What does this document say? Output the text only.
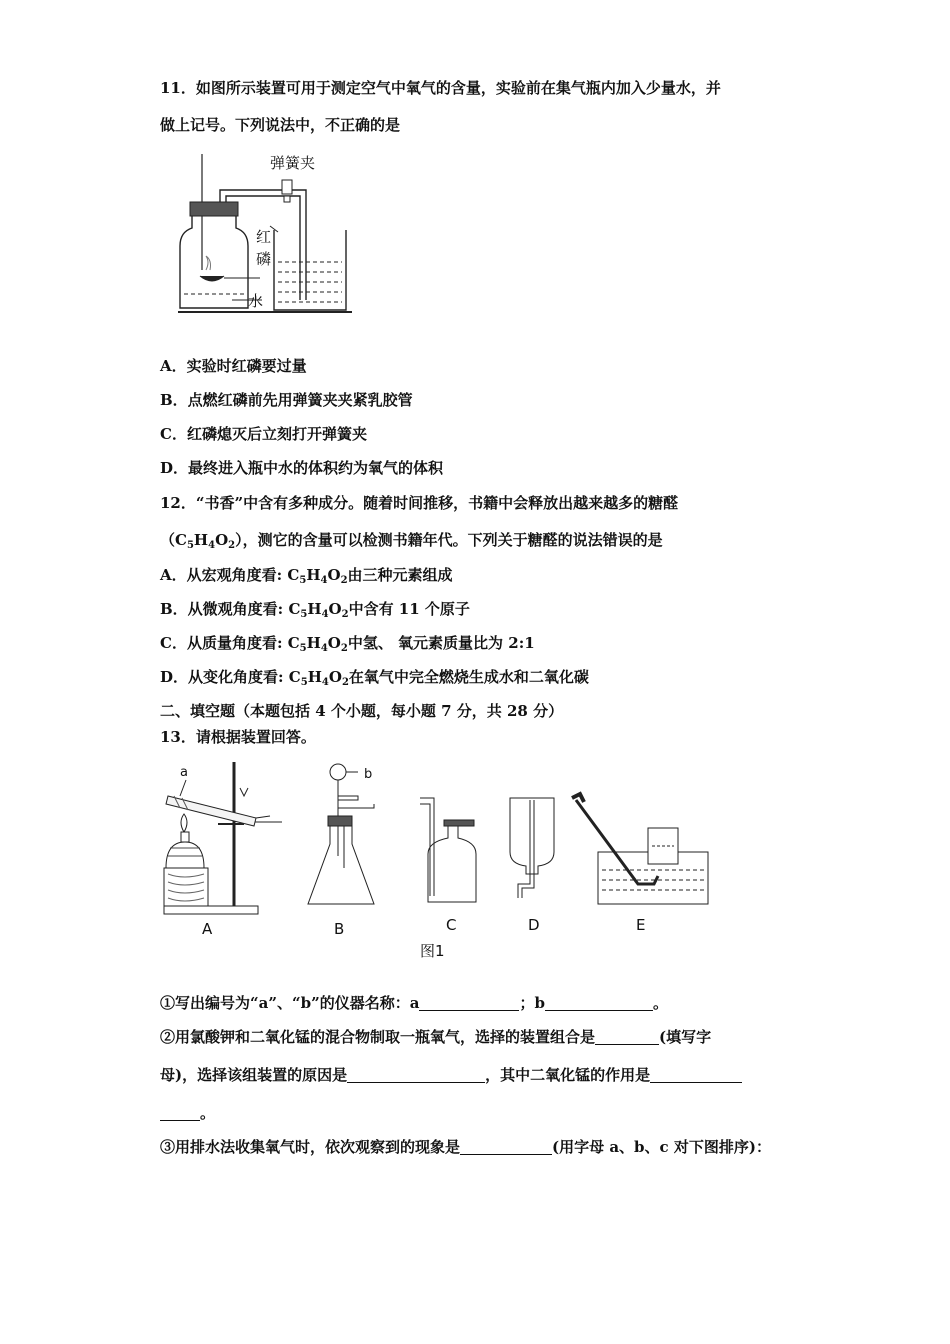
11．如图所示装置可用于测定空气中氧气的含量，实验前在集气瓶内加入少量水，并
做上记号。下列说法中，不正确的是
弹簧夹
红
磷
水
A．实验时红磷要过量
B．点燃红磷前先用弹簧夹夹紧乳胶管
C．红磷熄灭后立刻打开弹簧夹
D．最终进入瓶中水的体积约为氧气的体积
12．“书香”中含有多种成分。随着时间推移，书籍中会释放出越来越多的糖醛
$(C_5H_4O_2)$，测它的含量可以检测书籍年代。下列关于糖醛的说法错误的是
A．从宏观角度看: $C_5H_4O_2$由三种元素组成
B．从微观角度看: $C_5H_4O_2$中含有 11 个原子
C．从质量角度看: $C_5H_4O_2$中氢、 氧元素质量比为 2:1
D．从变化角度看: $C_5H_4O_2$在氧气中完全燃烧生成水和二氧化碳
二、填空题（本题包括 4 个小题，每小题 7 分，共 28 分）
13．请根据装置回答。
a	b
A	B	C	D	E
图1
①写出编号为“a”、“b”的仪器名称：a	；b	。
②用氯酸钾和二氧化锰的混合物制取一瓶氧气，选择的装置组合是	(填写字
母)，选择该组装置的原因是	，其中二氧化锰的作用是
。
③用排水法收集氧气时，依次观察到的现象是	(用字母 a、b、c 对下图排序)：
